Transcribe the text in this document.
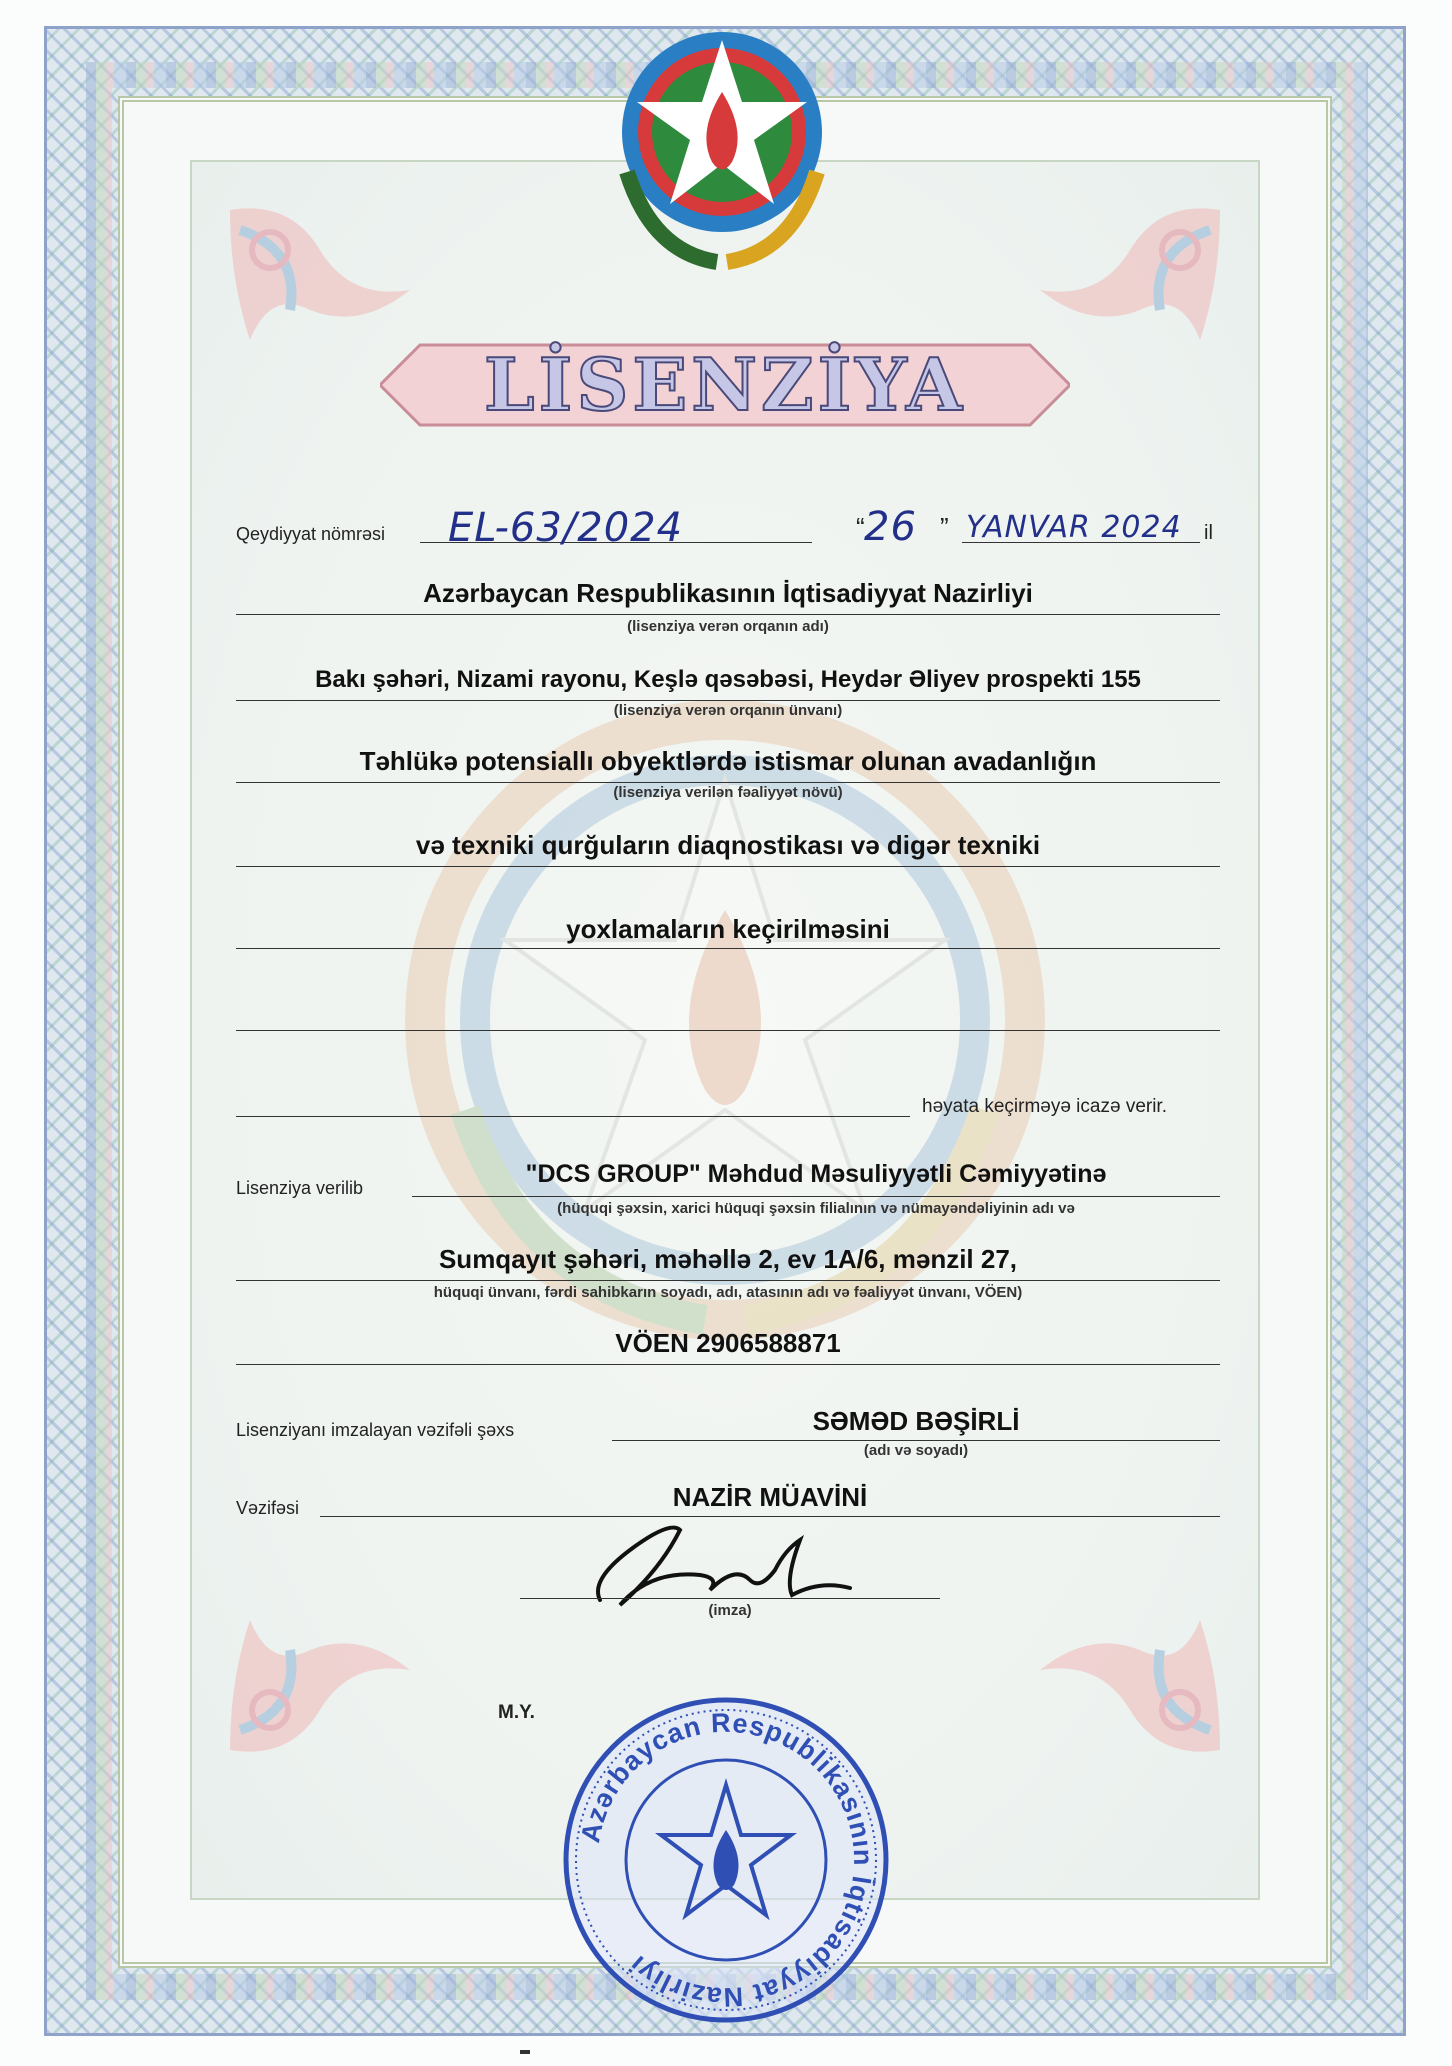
LİSENZİYA
Qeydiyyat nömrəsi EL-63/2024	26
“	” YANVAR 2024 il
Azərbaycan Respublikasının İqtisadiyyat Nazirliyi
(lisenziya verən orqanın adı)
Bakı şəhəri, Nizami rayonu, Keşlə qəsəbəsi, Heydər Əliyev prospekti 155
(lisenziya verən orqanın ünvanı)
Təhlükə potensiallı obyektlərdə istismar olunan avadanlığın
(lisenziya verilən fəaliyyət növü)
və texniki qurğuların diaqnostikası və digər texniki
yoxlamaların keçirilməsini
həyata keçirməyə icazə verir.
Lisenziya verilib	"DCS GROUP" Məhdud Məsuliyyətli Cəmiyyətinə
(hüquqi şəxsin, xarici hüquqi şəxsin filialının və nümayəndəliyinin adı və
Sumqayıt şəhəri, məhəllə 2, ev 1A/6, mənzil 27,
hüquqi ünvanı, fərdi sahibkarın soyadı, adı, atasının adı və fəaliyyət ünvanı, VÖEN)
VÖEN 2906588871
Lisenziyanı imzalayan vəzifəli şəxs	SƏMƏD BƏŞİRLİ
(adı və soyadı)
Vəzifəsi	NAZİR MÜAVİNİ
(imza)
M.Y.
Azərbaycan Respublikasının İqtisadiyyat Nazirliyi
